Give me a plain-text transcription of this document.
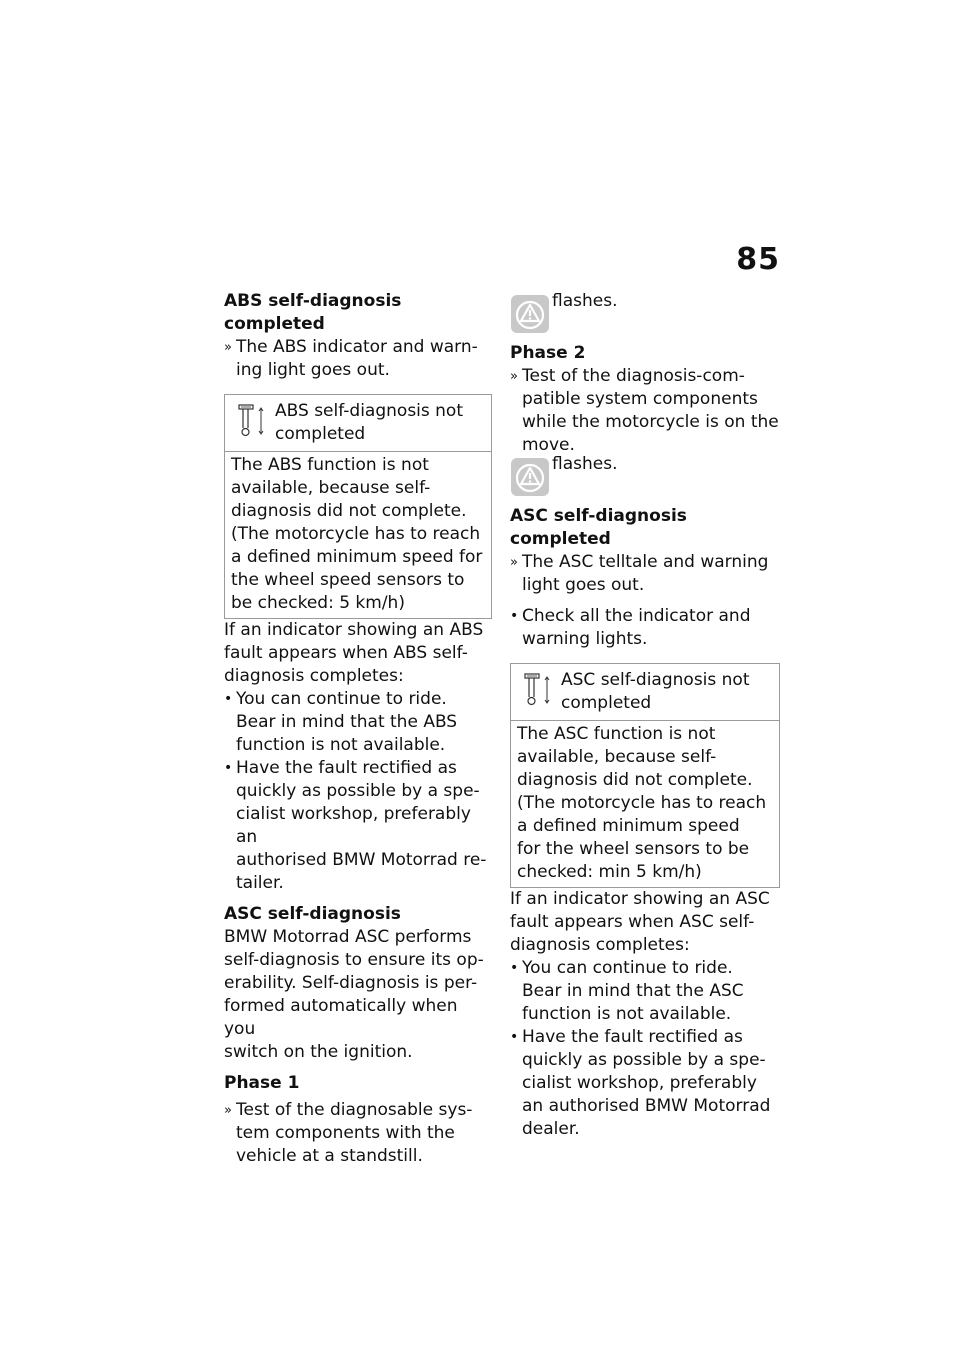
85

ABS self-diagnosis completed

» The ABS indicator and warn-
ing light goes out.
ABS self-diagnosis not
completed
The ABS function is not
available, because self-
diagnosis did not complete.
(The motorcycle has to reach
a defined minimum speed for
the wheel speed sensors to
be checked: 5 km/h)
If an indicator showing an ABS
fault appears when ABS self-
diagnosis completes:
• You can continue to ride.
Bear in mind that the ABS
function is not available.
• Have the fault rectified as
quickly as possible by a spe-
cialist workshop, preferably an
authorised BMW Motorrad re-
tailer.

ASC self-diagnosis

BMW Motorrad ASC performs
self-diagnosis to ensure its op-
erability. Self-diagnosis is per-
formed automatically when you
switch on the ignition.

Phase 1

» Test of the diagnosable sys-
tem components with the
vehicle at a standstill.
flashes.

Phase 2

» Test of the diagnosis-com-
patible system components
while the motorcycle is on the
move.
flashes.

ASC self-diagnosis completed

» The ASC telltale and warning
light goes out.
• Check all the indicator and
warning lights.
ASC self-diagnosis not
completed
The ASC function is not
available, because self-
diagnosis did not complete.
(The motorcycle has to reach
a defined minimum speed
for the wheel sensors to be
checked: min 5 km/h)
If an indicator showing an ASC
fault appears when ASC self-
diagnosis completes:
• You can continue to ride.
Bear in mind that the ASC
function is not available.
• Have the fault rectified as
quickly as possible by a spe-
cialist workshop, preferably
an authorised BMW Motorrad
dealer.
